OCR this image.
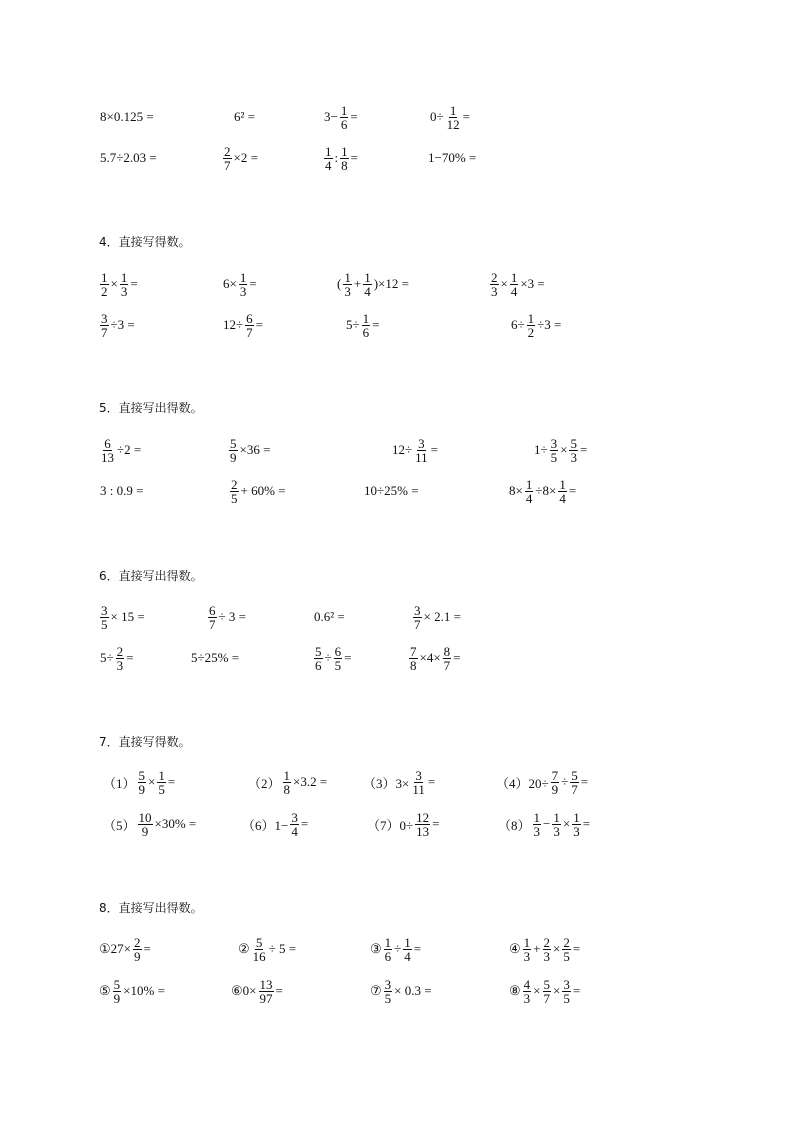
8×0.125 =	6² =	$3- \frac{1}{6}$ =	$0\div \frac{1}{12}$ =
5.7÷2.03 =	$\frac{2}{7} \times 2$ =	$\frac{1}{4}$ : $\frac{1}{8}$ =	1−70% =
4．直接写得数。
$\frac{1}{2} \times \frac{1}{3}$ =	$6\times \frac{1}{3}$ =	( $\frac{1}{3} + \frac{1}{4} )\times 12$ =	$\frac{2}{3} \times \frac{1}{4} \times 3$ =
$\frac{3}{7} \div 3$ =	$12\div \frac{6}{7}$ =	$5\div \frac{1}{6}$ =	$6\div \frac{1}{2} \div 3$ =
5．直接写出得数。
$\frac{6}{13} \div 2$ =	$\frac{5}{9} \times 36$ =	$12\div \frac{3}{11}$ =	$1\div \frac{3}{5} \times \frac{5}{3}$ =
3 : 0.9 =	$\frac{2}{5} + 60\%$ =	10÷25% =	$8\times \frac{1}{4} \div 8\times \frac{1}{4}$ =
6．直接写出得数。
$\frac{3}{5} \times 15$ =	$\frac{6}{7} \div 3$ =	0.6² =	$\frac{3}{7} \times 2.1$ =
$5\div \frac{2}{3}$ =	5÷25% =	$\frac{5}{6} \div \frac{6}{5}$ =	$\frac{7}{8} \times 4\times \frac{8}{7}$ =
7．直接写得数。
$(1) \frac{5}{9} \times \frac{1}{5}$ =	$(2) \frac{1}{8} \times 3.2$ =	$(3)3\times \frac{3}{11}$ =	$(4)20\div \frac{7}{9} \div \frac{5}{7}$ =
$(5) \frac{10}{9} \times 30\%$ =	$(6)1- \frac{3}{4}$ =	$(7)0\div \frac{12}{13}$ =	$(8) \frac{1}{3} - \frac{1}{3} \times \frac{1}{3}$ =
8．直接写出得数。
①27× $\frac{2}{9}$ =	② $\frac{5}{16} \div 5$ =	③ $\frac{1}{6} \div \frac{1}{4}$ =	④ $\frac{1}{3} + \frac{2}{3} \times \frac{2}{5}$ =
⑤ $\frac{5}{9} \times 10\%$ =	⑥0× $\frac{13}{97}$ =	⑦ $\frac{3}{5} \times 0.3$ =	⑧ $\frac{4}{3} \times \frac{5}{7} \times \frac{3}{5}$ =
